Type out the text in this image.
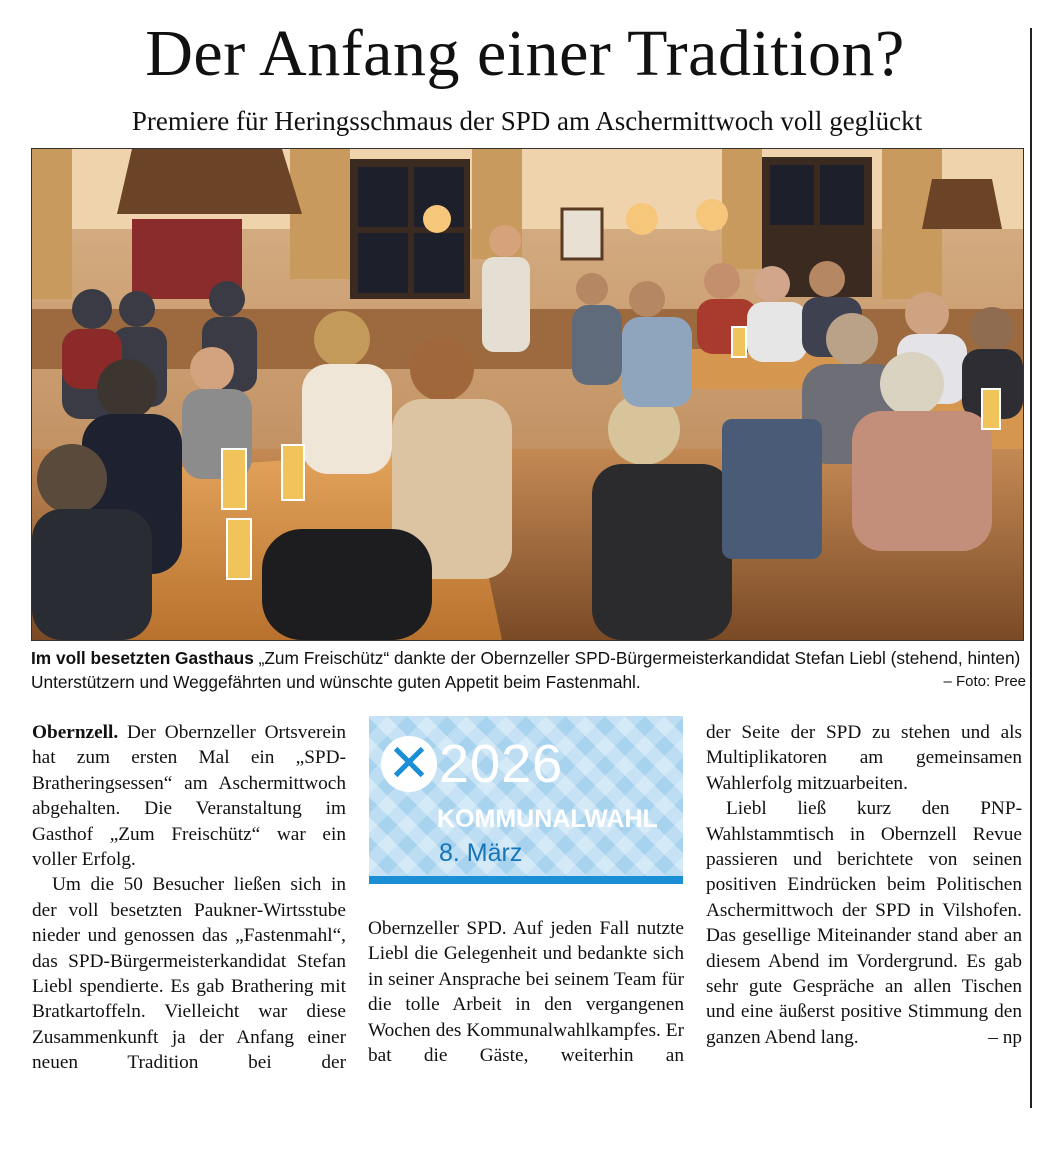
Der Anfang einer Tradition?
Premiere für Heringsschmaus der SPD am Aschermittwoch voll geglückt
Im voll besetzten Gasthaus „Zum Freischütz“ dankte der Obernzeller SPD-Bürgermeisterkandidat Stefan Liebl (stehend, hinten) Unterstützern und Weggefährten und wünschte guten Appetit beim Fastenmahl.	– Foto: Pree

Obernzell. Der Obernzeller Ortsverein hat zum ersten Mal ein „SPD-Bratheringsessen“ am Aschermittwoch abgehalten. Die Veranstaltung im Gasthof „Zum Freischütz“ war ein voller Erfolg.

Um die 50 Besucher ließen sich in der voll besetzten Paukner-Wirtsstube nieder und genossen das „Fastenmahl“, das SPD-Bürgermeisterkandidat Stefan Liebl spendierte. Es gab Brathering mit Bratkartoffeln. Vielleicht war diese Zusammenkunft ja der Anfang einer neuen Tradition bei der

✕ 2026
KOMMUNALWAHL
8. März

Obernzeller SPD. Auf jeden Fall nutzte Liebl die Gelegenheit und bedankte sich in seiner Ansprache bei seinem Team für die tolle Arbeit in den vergangenen Wochen des Kommunalwahlkampfes. Er bat die Gäste, weiterhin an

der Seite der SPD zu stehen und als Multiplikatoren am gemeinsamen Wahlerfolg mitzuarbeiten.

Liebl ließ kurz den PNP-Wahlstammtisch in Obernzell Revue passieren und berichtete von seinen positiven Eindrücken beim Politischen Aschermittwoch der SPD in Vilshofen. Das gesellige Miteinander stand aber an diesem Abend im Vordergrund. Es gab sehr gute Gespräche an allen Tischen und eine äußerst positive Stimmung den ganzen Abend lang.	– np
